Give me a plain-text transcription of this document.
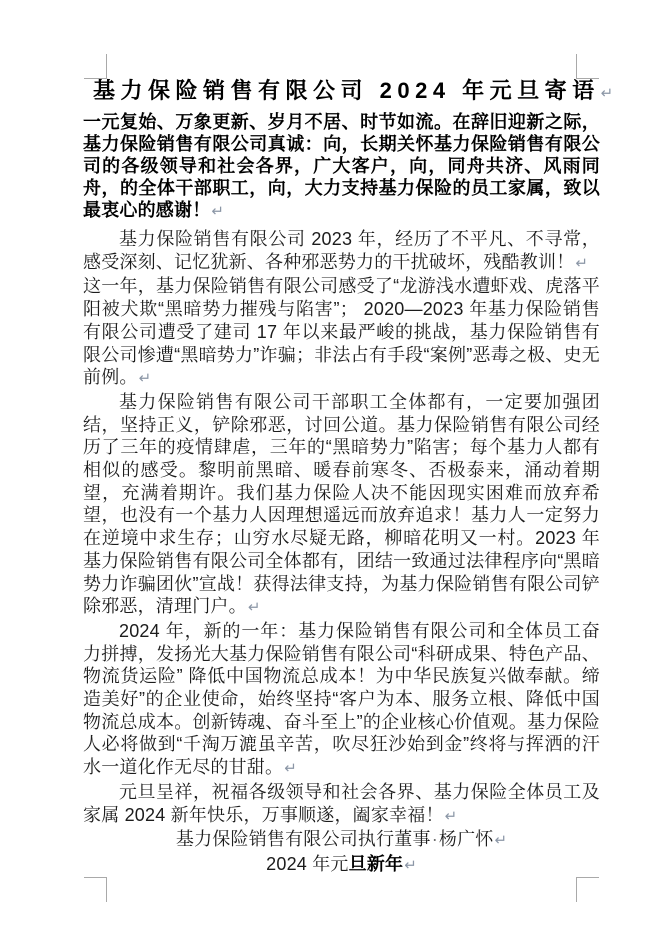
基力保险销售有限公司 2024 年元旦寄语↵

一元复始、万象更新、岁月不居、时节如流。在辞旧迎新之际，基力保险销售有限公司真诚：向，长期关怀基力保险销售有限公司的各级领导和社会各界，广大客户，向，同舟共济、风雨同舟，的全体干部职工，向，大力支持基力保险的员工家属，致以最衷心的感谢！↵

基力保险销售有限公司 2023 年，经历了不平凡、不寻常，感受深刻、记忆犹新、各种邪恶势力的干扰破坏，残酷教训！↵

这一年，基力保险销售有限公司感受了“龙游浅水遭虾戏、虎落平阳被犬欺“黑暗势力摧残与陷害”； 2020—2023 年基力保险销售有限公司遭受了建司 17 年以来最严峻的挑战，基力保险销售有限公司惨遭“黑暗势力”诈骗；非法占有手段“案例”恶毒之极、史无前例。↵

基力保险销售有限公司干部职工全体都有，一定要加强团结，坚持正义，铲除邪恶，讨回公道。基力保险销售有限公司经历了三年的疫情肆虐，三年的“黑暗势力”陷害；每个基力人都有相似的感受。黎明前黑暗、暖春前寒冬、否极泰来，涌动着期望，充满着期许。我们基力保险人决不能因现实困难而放弃希望，也没有一个基力人因理想遥远而放弃追求！基力人一定努力在逆境中求生存；山穷水尽疑无路，柳暗花明又一村。2023 年基力保险销售有限公司全体都有，团结一致通过法律程序向“黑暗势力诈骗团伙”宣战！获得法律支持，为基力保险销售有限公司铲除邪恶，清理门户。↵

2024 年，新的一年：基力保险销售有限公司和全体员工奋力拼搏，发扬光大基力保险销售有限公司“科研成果、特色产品、物流货运险” 降低中国物流总成本！为中华民族复兴做奉献。缔造美好”的企业使命，始终坚持“客户为本、服务立根、降低中国物流总成本。创新铸魂、奋斗至上”的企业核心价值观。基力保险人必将做到“千淘万漉虽辛苦，吹尽狂沙始到金”终将与挥洒的汗水一道化作无尽的甘甜。↵

元旦呈祥，祝福各级领导和社会各界、基力保险全体员工及家属 2024 新年快乐，万事顺遂，阖家幸福！↵

基力保险销售有限公司执行董事·杨广怀↵

2024 年元旦新年↵
